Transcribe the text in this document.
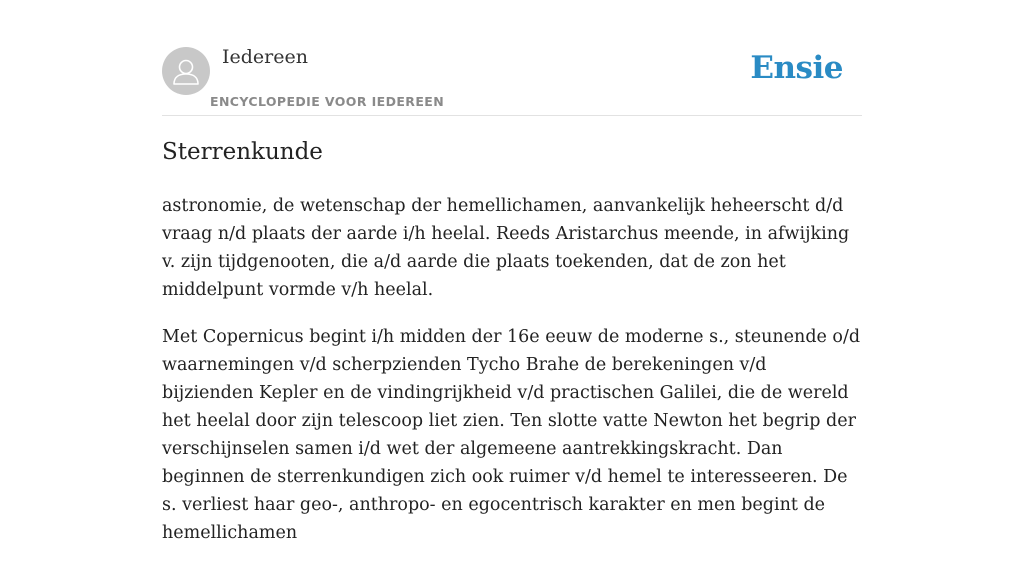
Iedereen
ENCYCLOPEDIE VOOR IEDEREEN
Ensie
Sterrenkunde

astronomie, de wetenschap der hemellichamen, aanvankelijk heheerscht d/d vraag n/d plaats der aarde i/h heelal. Reeds Aristarchus meende, in afwijking v. zijn tijdgenooten, die a/d aarde die plaats toekenden, dat de zon het middelpunt vormde v/h heelal.

Met Copernicus begint i/h midden der 16e eeuw de moderne s., steunende o/d waarnemingen v/d scherpzienden Tycho Brahe de berekeningen v/d bijzienden Kepler en de vindingrijkheid v/d practischen Galilei, die de wereld het heelal door zijn telescoop liet zien. Ten slotte vatte Newton het begrip der verschijnselen samen i/d wet der algemeene aantrekkingskracht. Dan beginnen de sterrenkundigen zich ook ruimer v/d hemel te interesseeren. De s. verliest haar geo-, anthropo- en egocentrisch karakter en men begint de hemellichamen
